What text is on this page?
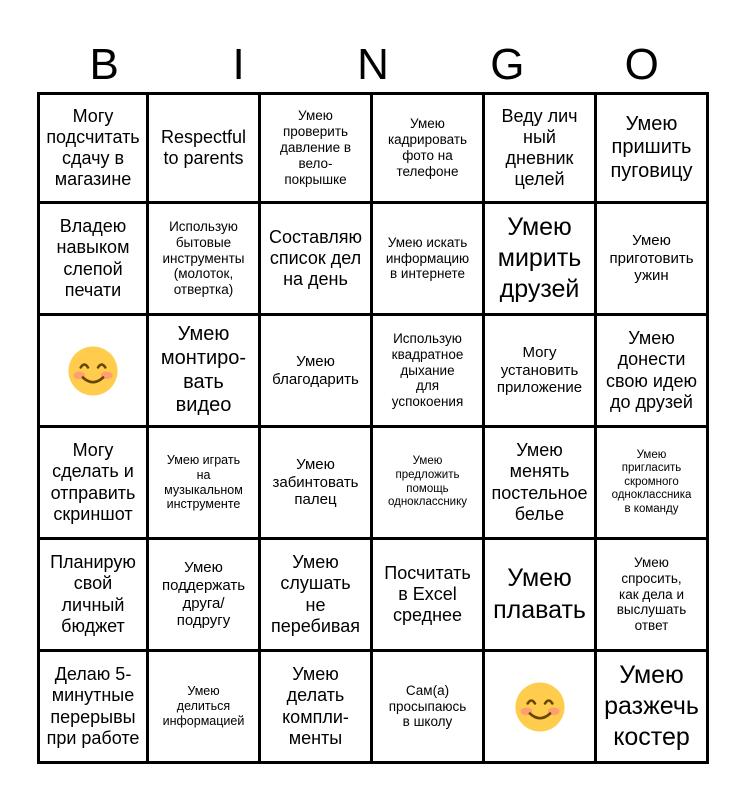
B	I	N	G	O
Могу
подсчитать
сдачу в
магазине
Respectful
to parents
Умею
проверить
давление в
вело-
покрышке
Умею
кадрировать
фото на
телефоне
Веду лич
ный
дневник
целей
Умею
пришить
пуговицу
Владею
навыком
слепой
печати
Использую
бытовые
инструменты
(молоток,
отвертка)
Составляю
список дел
на день
Умею искать
информацию
в интернете
Умею
мирить
друзей
Умею
приготовить
ужин
Умею
монтиро-
вать
видео
Умею
благодарить
Использую
квадратное
дыхание
для
успокоения
Могу
установить
приложение
Умею
донести
свою идею
до друзей
Могу
сделать и
отправить
скриншот
Умею играть
на
музыкальном
инструменте
Умею
забинтовать
палец
Умею
предложить
помощь
однокласснику
Умею
менять
постельное
белье
Умею
пригласить
скромного
одноклассника
в команду
Планирую
свой
личный
бюджет
Умею
поддержать
друга/
подругу
Умею
слушать
не
перебивая
Посчитать
в Excel
среднее
Умею
плавать
Умею
спросить,
как дела и
выслушать
ответ
Делаю 5-
минутные
перерывы
при работе
Умею
делиться
информацией
Умею
делать
компли-
менты
Сам(а)
просыпаюсь
в школу
Умею
разжечь
костер
